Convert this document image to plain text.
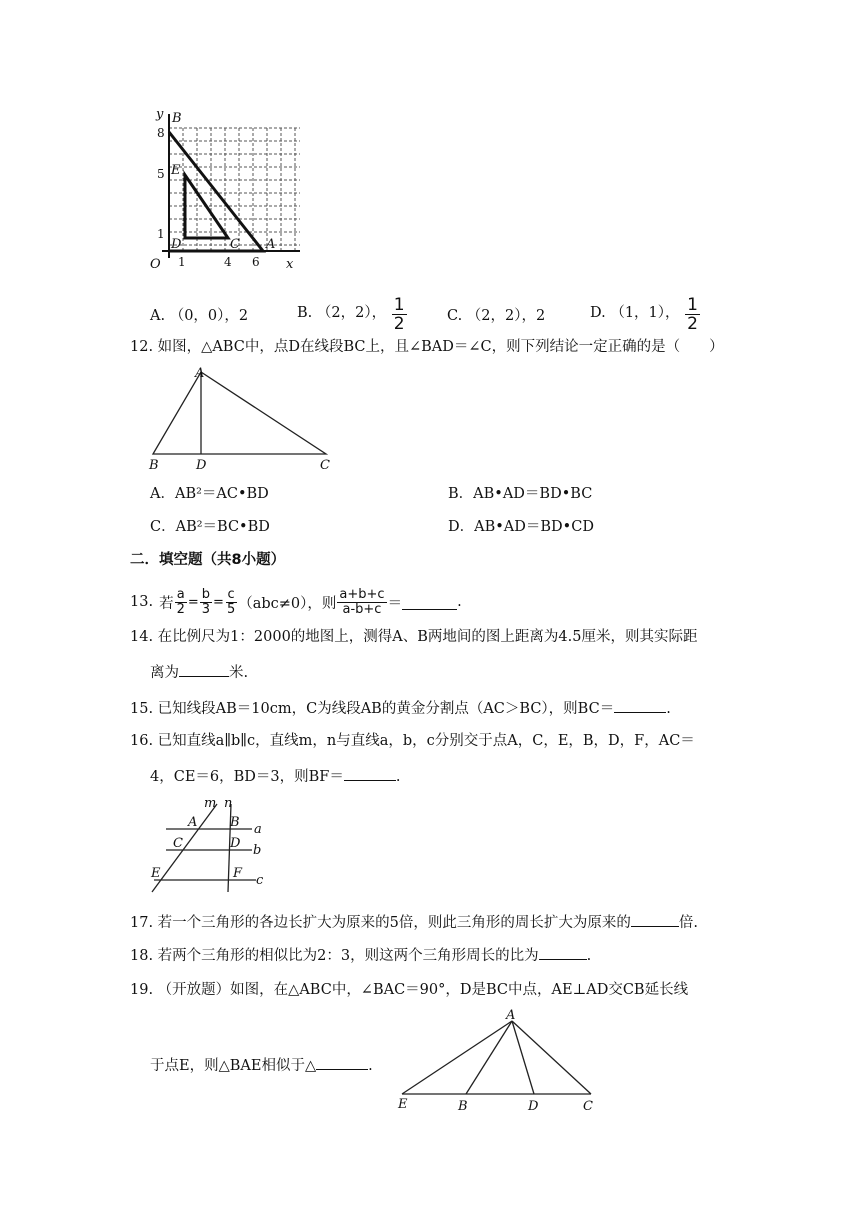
y B
E
D	C A
O	x
8
5
1
1	4 6
A. （0，0），2	B. （2，2）， $\frac{1}{2}$	C. （2，2），2	D. （1，1）， $\frac{1}{2}$
12. 如图，△ABC中，点D在线段BC上，且∠BAD＝∠C，则下列结论一定正确的是（　　）
A
B	D	C
A．AB²＝AC•BD	B．AB•AD＝BD•BC
C．AB²＝BC•BD	D．AB•AD＝BD•CD
二．填空题（共8小题）
13. 若 $\frac{a}{2} = \frac{b}{3} = \frac{c}{5} (abc\ne 0)$，则 $\frac{a+b+c}{a-b+c}$ ＝	.
14. 在比例尺为1：2000的地图上，测得A、B两地间的图上距离为4.5厘米，则其实际距
离为	米.
15. 已知线段AB＝10cm，C为线段AB的黄金分割点（AC＞BC），则BC＝	.
16. 已知直线a∥b∥c，直线m，n与直线a，b，c分别交于点A，C，E，B，D，F，AC＝
4，CE＝6，BD＝3，则BF＝	.
m n
A	B a
C	D b
E	F c
17. 若一个三角形的各边长扩大为原来的5倍，则此三角形的周长扩大为原来的	倍.
18. 若两个三角形的相似比为2：3，则这两个三角形周长的比为	.
19. （开放题）如图，在△ABC中，∠BAC＝90°，D是BC中点，AE⊥AD交CB延长线
于点E，则△BAE相似于△	.
A
E	B	D	C
